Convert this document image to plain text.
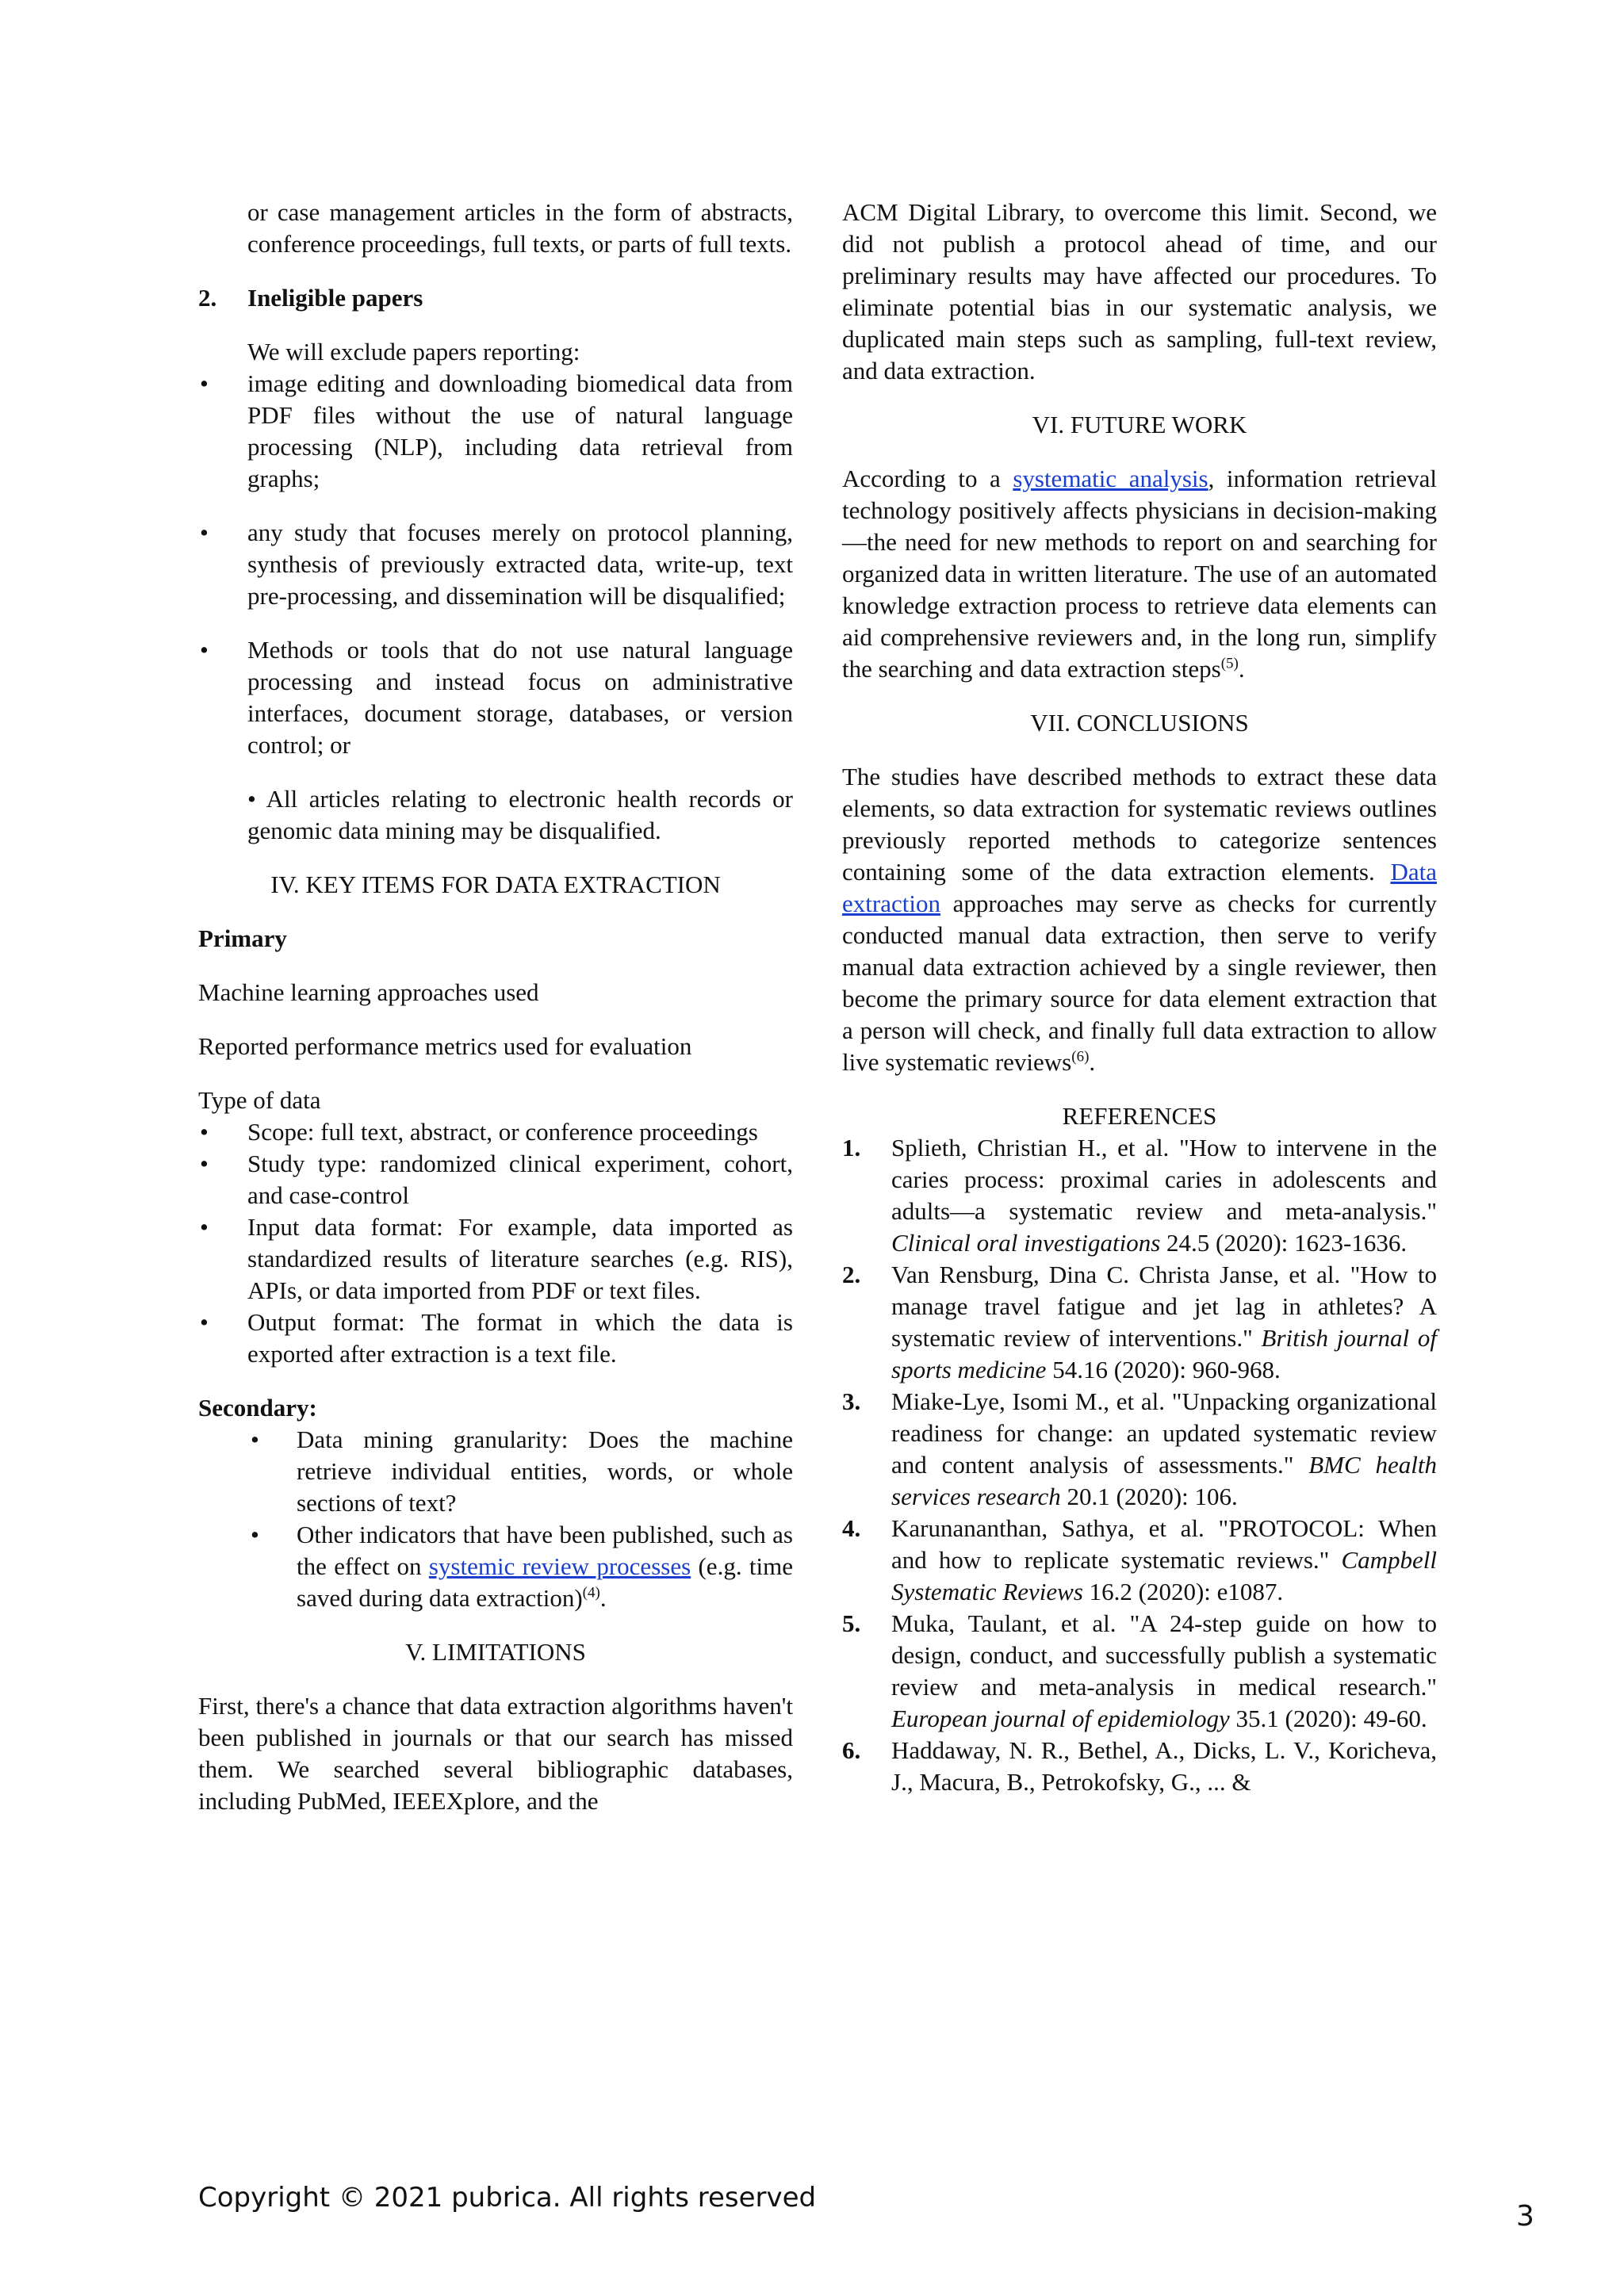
or case management articles in the form of abstracts, conference proceedings, full texts, or parts of full texts.

2.	Ineligible papers

We will exclude papers reporting:

• image editing and downloading biomedical data from PDF files without the use of natural language processing (NLP), including data retrieval from graphs;
• any study that focuses merely on protocol planning, synthesis of previously extracted data, write-up, text pre-processing, and dissemination will be disqualified;
• Methods or tools that do not use natural language processing and instead focus on administrative interfaces, document storage, databases, or version control; or

• All articles relating to electronic health records or genomic data mining may be disqualified.

IV. KEY ITEMS FOR DATA EXTRACTION

Primary

Machine learning approaches used

Reported performance metrics used for evaluation

Type of data

• Scope: full text, abstract, or conference proceedings
• Study type: randomized clinical experiment, cohort, and case-control
• Input data format: For example, data imported as standardized results of literature searches (e.g. RIS), APIs, or data imported from PDF or text files.
• Output format: The format in which the data is exported after extraction is a text file.

Secondary:

• Data mining granularity: Does the machine retrieve individual entities, words, or whole sections of text?
• Other indicators that have been published, such as the effect on systemic review processes (e.g. time saved during data extraction)$^{(4)}$.

V. LIMITATIONS

First, there's a chance that data extraction algorithms haven't been published in journals or that our search has missed them. We searched several bibliographic databases, including PubMed, IEEEXplore, and the

ACM Digital Library, to overcome this limit. Second, we did not publish a protocol ahead of time, and our preliminary results may have affected our procedures. To eliminate potential bias in our systematic analysis, we duplicated main steps such as sampling, full-text review, and data extraction.

VI. FUTURE WORK

According to a systematic analysis, information retrieval technology positively affects physicians in decision-making—the need for new methods to report on and searching for organized data in written literature. The use of an automated knowledge extraction process to retrieve data elements can aid comprehensive reviewers and, in the long run, simplify the searching and data extraction steps$^{(5)}$.

VII. CONCLUSIONS

The studies have described methods to extract these data elements, so data extraction for systematic reviews outlines previously reported methods to categorize sentences containing some of the data extraction elements. Data extraction approaches may serve as checks for currently conducted manual data extraction, then serve to verify manual data extraction achieved by a single reviewer, then become the primary source for data element extraction that a person will check, and finally full data extraction to allow live systematic reviews$^{(6)}$.

REFERENCES

1. Splieth, Christian H., et al. "How to intervene in the caries process: proximal caries in adolescents and adults—a systematic review and meta-analysis." Clinical oral investigations 24.5 (2020): 1623-1636.
2. Van Rensburg, Dina C. Christa Janse, et al. "How to manage travel fatigue and jet lag in athletes? A systematic review of interventions." British journal of sports medicine 54.16 (2020): 960-968.
3. Miake-Lye, Isomi M., et al. "Unpacking organizational readiness for change: an updated systematic review and content analysis of assessments." BMC health services research 20.1 (2020): 106.
4. Karunananthan, Sathya, et al. "PROTOCOL: When and how to replicate systematic reviews." Campbell Systematic Reviews 16.2 (2020): e1087.
5. Muka, Taulant, et al. "A 24-step guide on how to design, conduct, and successfully publish a systematic review and meta-analysis in medical research." European journal of epidemiology 35.1 (2020): 49-60.
6. Haddaway, N. R., Bethel, A., Dicks, L. V., Koricheva, J., Macura, B., Petrokofsky, G., ... &
Copyright © 2021 pubrica. All rights reserved
3
